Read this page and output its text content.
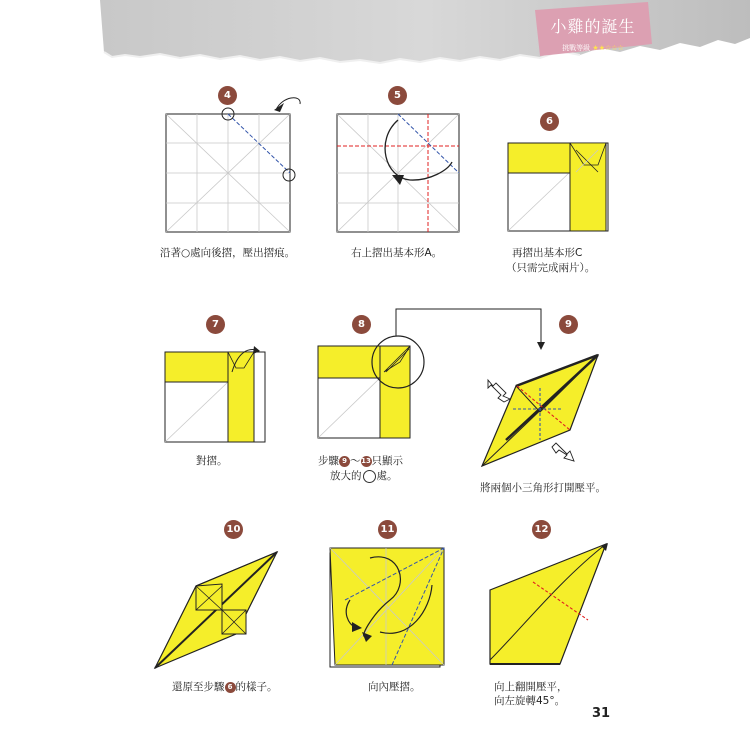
小雞的誕生
挑戰等級 ★★☆☆☆
4	5
6
7	8	9
10	11	12
沿著○處向後摺，壓出摺痕。	右上摺出基本形A。	再摺出基本形C
（只需完成兩片）。
對摺。	步驟 9 ～13只顯示
放大的○處。
將兩個小三角形打開壓平。
還原至步驟 6 的樣子。	向內壓摺。	向上翻開壓平，
向左旋轉45°。
31
